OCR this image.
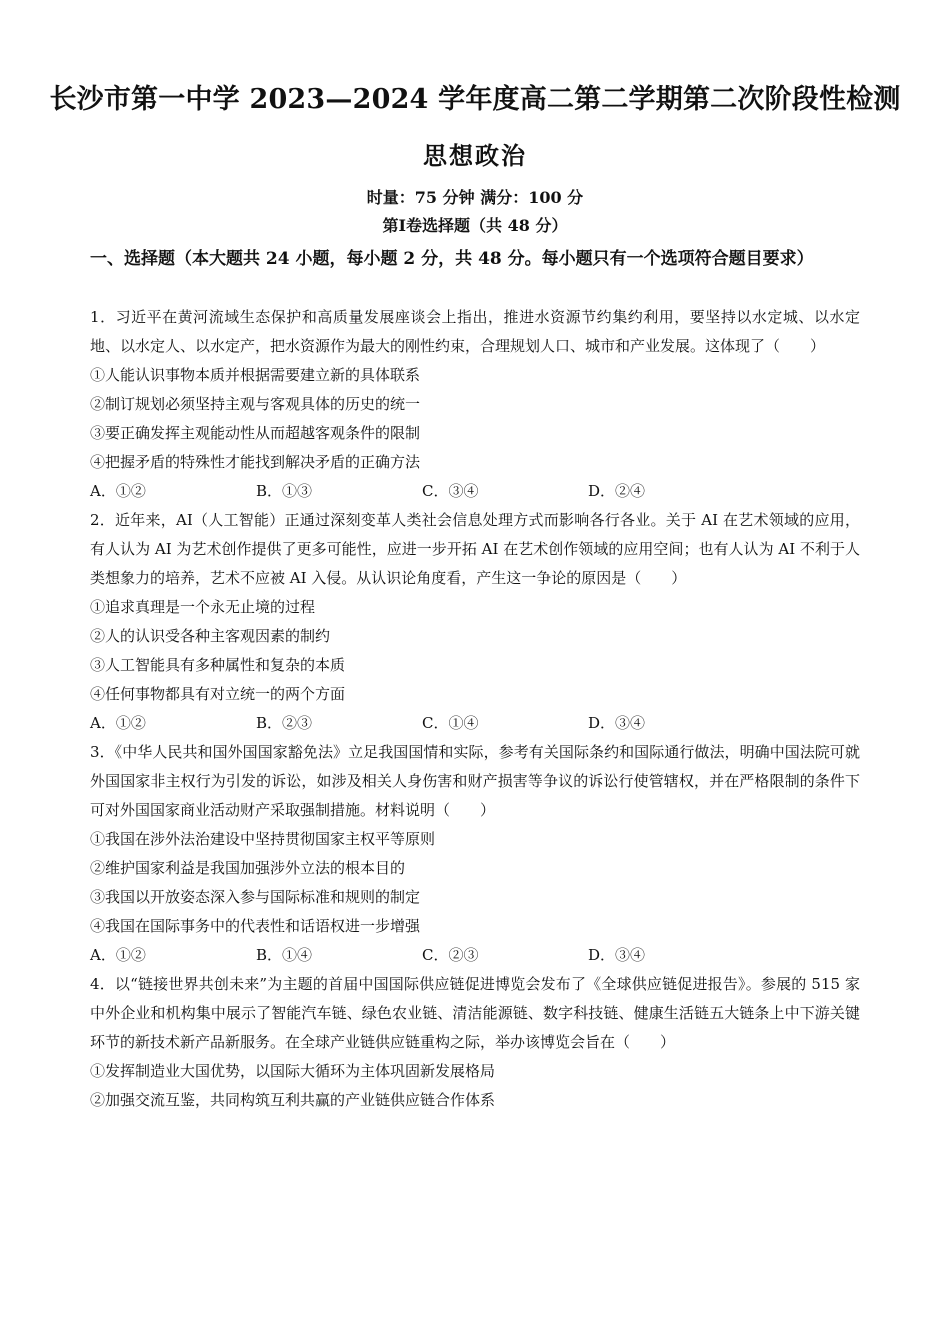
长沙市第一中学 2023—2024 学年度高二第二学期第二次阶段性检测
思想政治
时量：75 分钟 满分：100 分
第Ⅰ卷选择题（共 48 分）
一、选择题（本大题共 24 小题，每小题 2 分，共 48 分。每小题只有一个选项符合题目要求）
1．习近平在黄河流域生态保护和高质量发展座谈会上指出，推进水资源节约集约利用，要坚持以水定城、以水定地、以水定人、以水定产，把水资源作为最大的刚性约束，合理规划人口、城市和产业发展。这体现了（　　）
①人能认识事物本质并根据需要建立新的具体联系
②制订规划必须坚持主观与客观具体的历史的统一
③要正确发挥主观能动性从而超越客观条件的限制
④把握矛盾的特殊性才能找到解决矛盾的正确方法
A．①②	B．①③	C．③④	D．②④
2．近年来，AI（人工智能）正通过深刻变革人类社会信息处理方式而影响各行各业。关于 AI 在艺术领域的应用，有人认为 AI 为艺术创作提供了更多可能性，应进一步开拓 AI 在艺术创作领域的应用空间；也有人认为 AI 不利于人类想象力的培养，艺术不应被 AI 入侵。从认识论角度看，产生这一争论的原因是（　　）
①追求真理是一个永无止境的过程
②人的认识受各种主客观因素的制约
③人工智能具有多种属性和复杂的本质
④任何事物都具有对立统一的两个方面
A．①②	B．②③	C．①④	D．③④
3．《中华人民共和国外国国家豁免法》立足我国国情和实际，参考有关国际条约和国际通行做法，明确中国法院可就外国国家非主权行为引发的诉讼，如涉及相关人身伤害和财产损害等争议的诉讼行使管辖权，并在严格限制的条件下可对外国国家商业活动财产采取强制措施。材料说明（　　）
①我国在涉外法治建设中坚持贯彻国家主权平等原则
②维护国家利益是我国加强涉外立法的根本目的
③我国以开放姿态深入参与国际标准和规则的制定
④我国在国际事务中的代表性和话语权进一步增强
A．①②	B．①④	C．②③	D．③④
4．以“链接世界共创未来”为主题的首届中国国际供应链促进博览会发布了《全球供应链促进报告》。参展的 515 家中外企业和机构集中展示了智能汽车链、绿色农业链、清洁能源链、数字科技链、健康生活链五大链条上中下游关键环节的新技术新产品新服务。在全球产业链供应链重构之际，举办该博览会旨在（　　）
①发挥制造业大国优势，以国际大循环为主体巩固新发展格局
②加强交流互鉴，共同构筑互利共赢的产业链供应链合作体系
